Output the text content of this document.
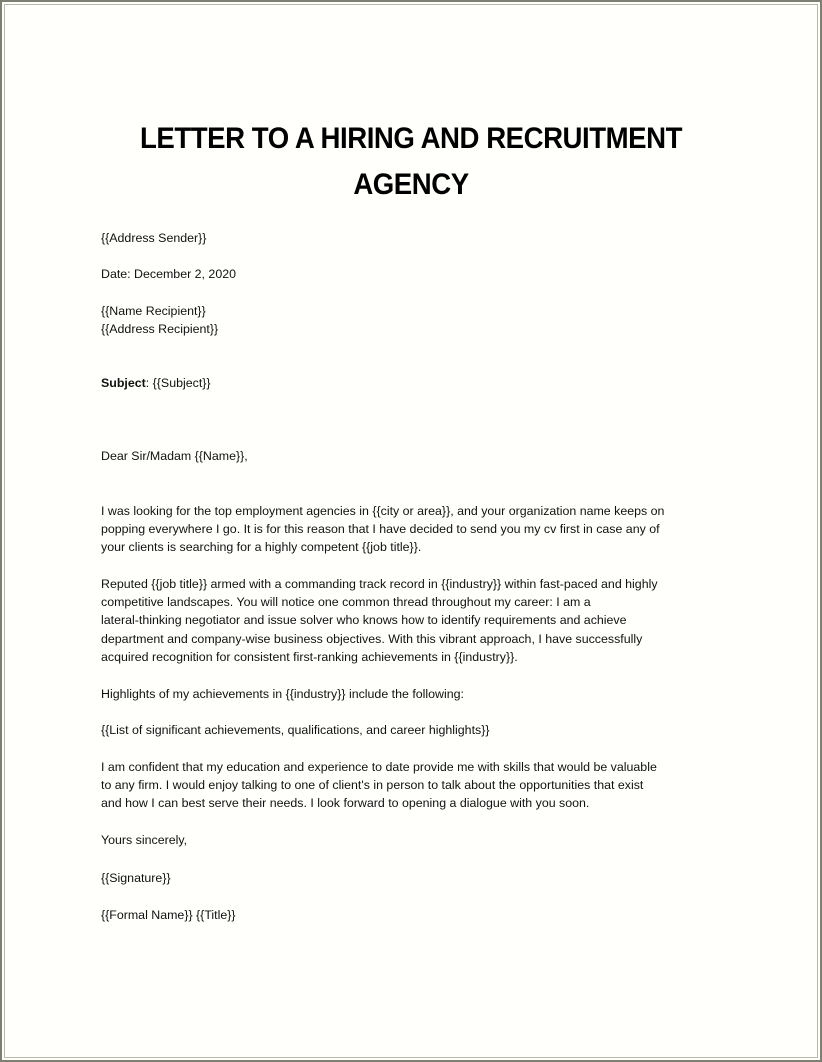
LETTER TO A HIRING AND RECRUITMENT
AGENCY
{{Address Sender}}
Date: December 2, 2020
{{Name Recipient}}
{{Address Recipient}}
Subject: {{Subject}}
Dear Sir/Madam {{Name}},
I was looking for the top employment agencies in {{city or area}}, and your organization name keeps on
popping everywhere I go. It is for this reason that I have decided to send you my cv first in case any of
your clients is searching for a highly competent {{job title}}.
Reputed {{job title}} armed with a commanding track record in {{industry}} within fast-paced and highly
competitive landscapes. You will notice one common thread throughout my career: I am a
lateral-thinking negotiator and issue solver who knows how to identify requirements and achieve
department and company-wise business objectives. With this vibrant approach, I have successfully
acquired recognition for consistent first-ranking achievements in {{industry}}.
Highlights of my achievements in {{industry}} include the following:
{{List of significant achievements, qualifications, and career highlights}}
I am confident that my education and experience to date provide me with skills that would be valuable
to any firm. I would enjoy talking to one of client's in person to talk about the opportunities that exist
and how I can best serve their needs. I look forward to opening a dialogue with you soon.
Yours sincerely,
{{Signature}}
{{Formal Name}} {{Title}}
